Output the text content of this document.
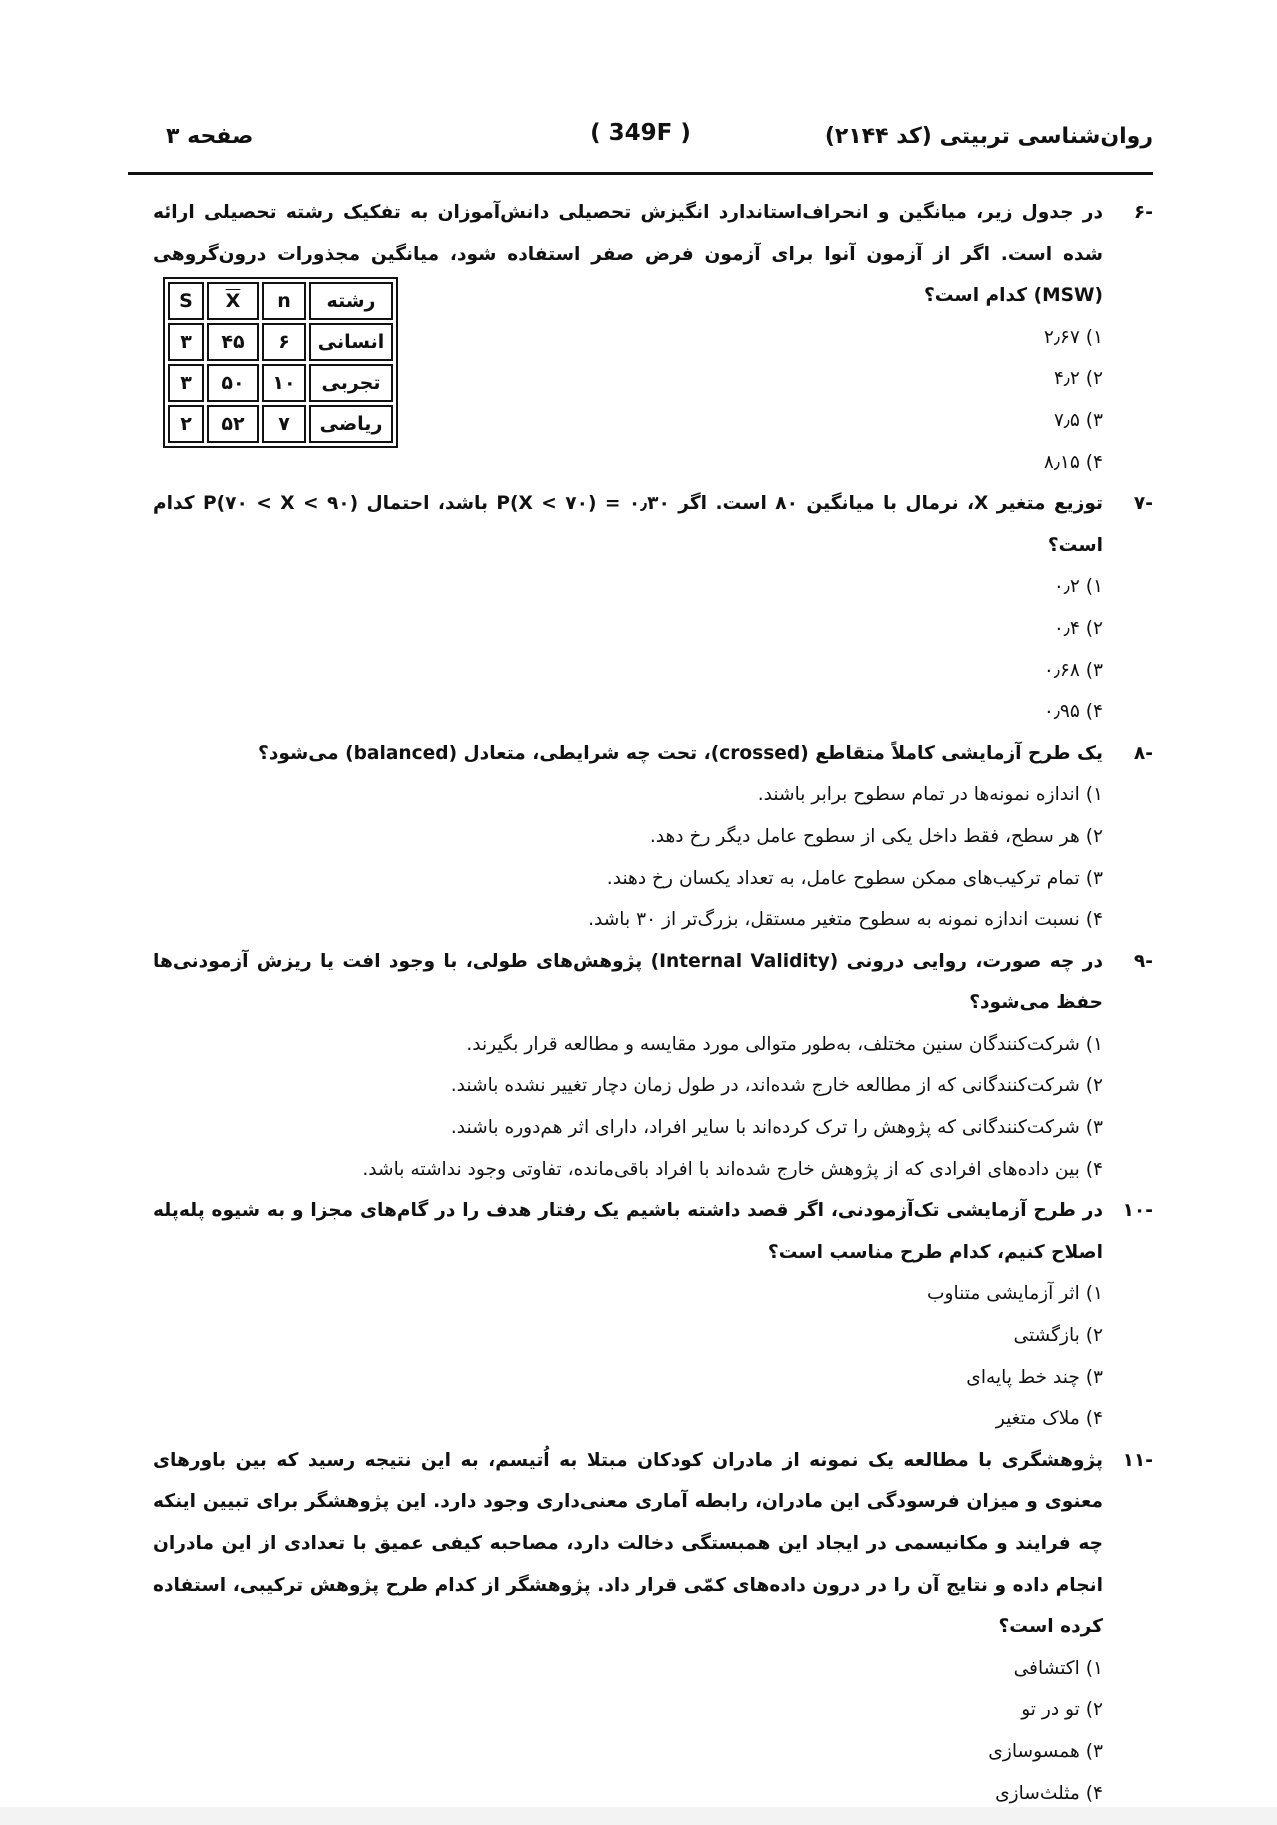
روان‌شناسی تربیتی (کد ۲۱۴۴)
( 349F )
صفحه ۳
رشته	n	X	S
انسانی	۶	۴۵	۳
تجربی	۱۰	۵۰	۳
ریاضی	۷	۵۲	۲
-۶
در جدول زیر، میانگین و انحراف‌استاندارد انگیزش تحصیلی دانش‌آموزان به تفکیک رشته تحصیلی ارائه شده است. اگر از آزمون آنوا برای آزمون فرض صفر استفاده شود، میانگین مجذورات درون‌گروهی (MSW) کدام است؟
۱) ۲٫۶۷
۲) ۴٫۲
۳) ۷٫۵
۴) ۸٫۱۵
-۷
توزیع متغیر X، نرمال با میانگین ۸۰ است. اگر P(X < ۷۰) = ۰٫۳۰ باشد، احتمال P(۷۰ < X < ۹۰) کدام است؟
۱) ۰٫۲
۲) ۰٫۴
۳) ۰٫۶۸
۴) ۰٫۹۵
-۸
یک طرح آزمایشی کاملاً متقاطع (crossed)، تحت چه شرایطی، متعادل (balanced) می‌شود؟
۱) اندازه نمونه‌ها در تمام سطوح برابر باشند.
۲) هر سطح، فقط داخل یکی از سطوح عامل دیگر رخ دهد.
۳) تمام ترکیب‌های ممکن سطوح عامل، به تعداد یکسان رخ دهند.
۴) نسبت اندازه نمونه به سطوح متغیر مستقل، بزرگ‌تر از ۳۰ باشد.
-۹
در چه صورت، روایی درونی (Internal Validity) پژوهش‌های طولی، با وجود افت یا ریزش آزمودنی‌ها حفظ می‌شود؟
۱) شرکت‌کنندگان سنین مختلف، به‌طور متوالی مورد مقایسه و مطالعه قرار بگیرند.
۲) شرکت‌کنندگانی که از مطالعه خارج شده‌اند، در طول زمان دچار تغییر نشده باشند.
۳) شرکت‌کنندگانی که پژوهش را ترک کرده‌اند با سایر افراد، دارای اثر هم‌دوره باشند.
۴) بین داده‌های افرادی که از پژوهش خارج شده‌اند با افراد باقی‌مانده، تفاوتی وجود نداشته باشد.
-۱۰
در طرح آزمایشی تک‌آزمودنی، اگر قصد داشته باشیم یک رفتار هدف را در گام‌های مجزا و به شیوه پله‌پله اصلاح کنیم، کدام طرح مناسب است؟
۱) اثر آزمایشی متناوب
۲) بازگشتی
۳) چند خط پایه‌ای
۴) ملاک متغیر
-۱۱
پژوهشگری با مطالعه یک نمونه از مادران کودکان مبتلا به اُتیسم، به این نتیجه رسید که بین باورهای معنوی و میزان فرسودگی این مادران، رابطه آماری معنی‌داری وجود دارد. این پژوهشگر برای تبیین اینکه چه فرایند و مکانیسمی در ایجاد این همبستگی دخالت دارد، مصاحبه کیفی عمیق با تعدادی از این مادران انجام داده و نتایج آن را در درون داده‌های کمّی قرار داد. پژوهشگر از کدام طرح پژوهش ترکیبی، استفاده کرده است؟
۱) اکتشافی
۲) تو در تو
۳) همسوسازی
۴) مثلث‌سازی
